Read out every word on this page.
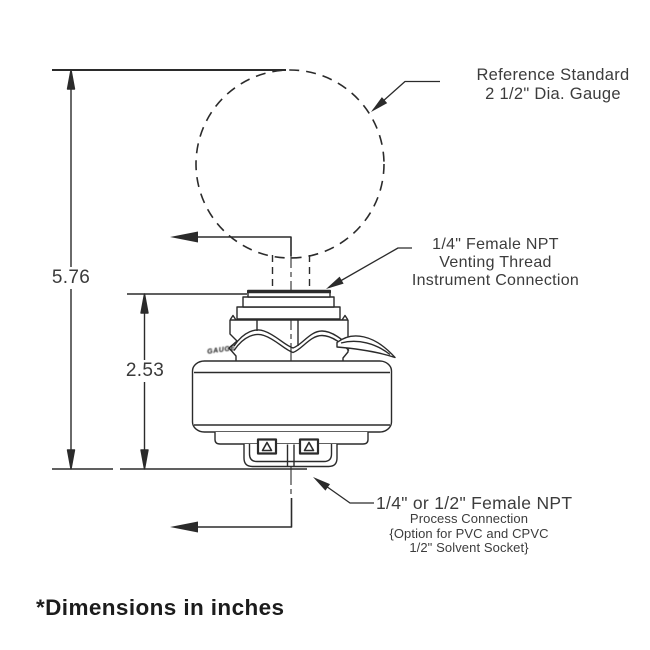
Reference Standard
2 1/2" Dia. Gauge
1/4" Female NPT
Venting Thread
Instrument Connection
1/4" or 1/2" Female NPT
Process Connection
{Option for PVC and CPVC
1/2" Solvent Socket}
5.76
2.53
GAUGE
*Dimensions in inches
